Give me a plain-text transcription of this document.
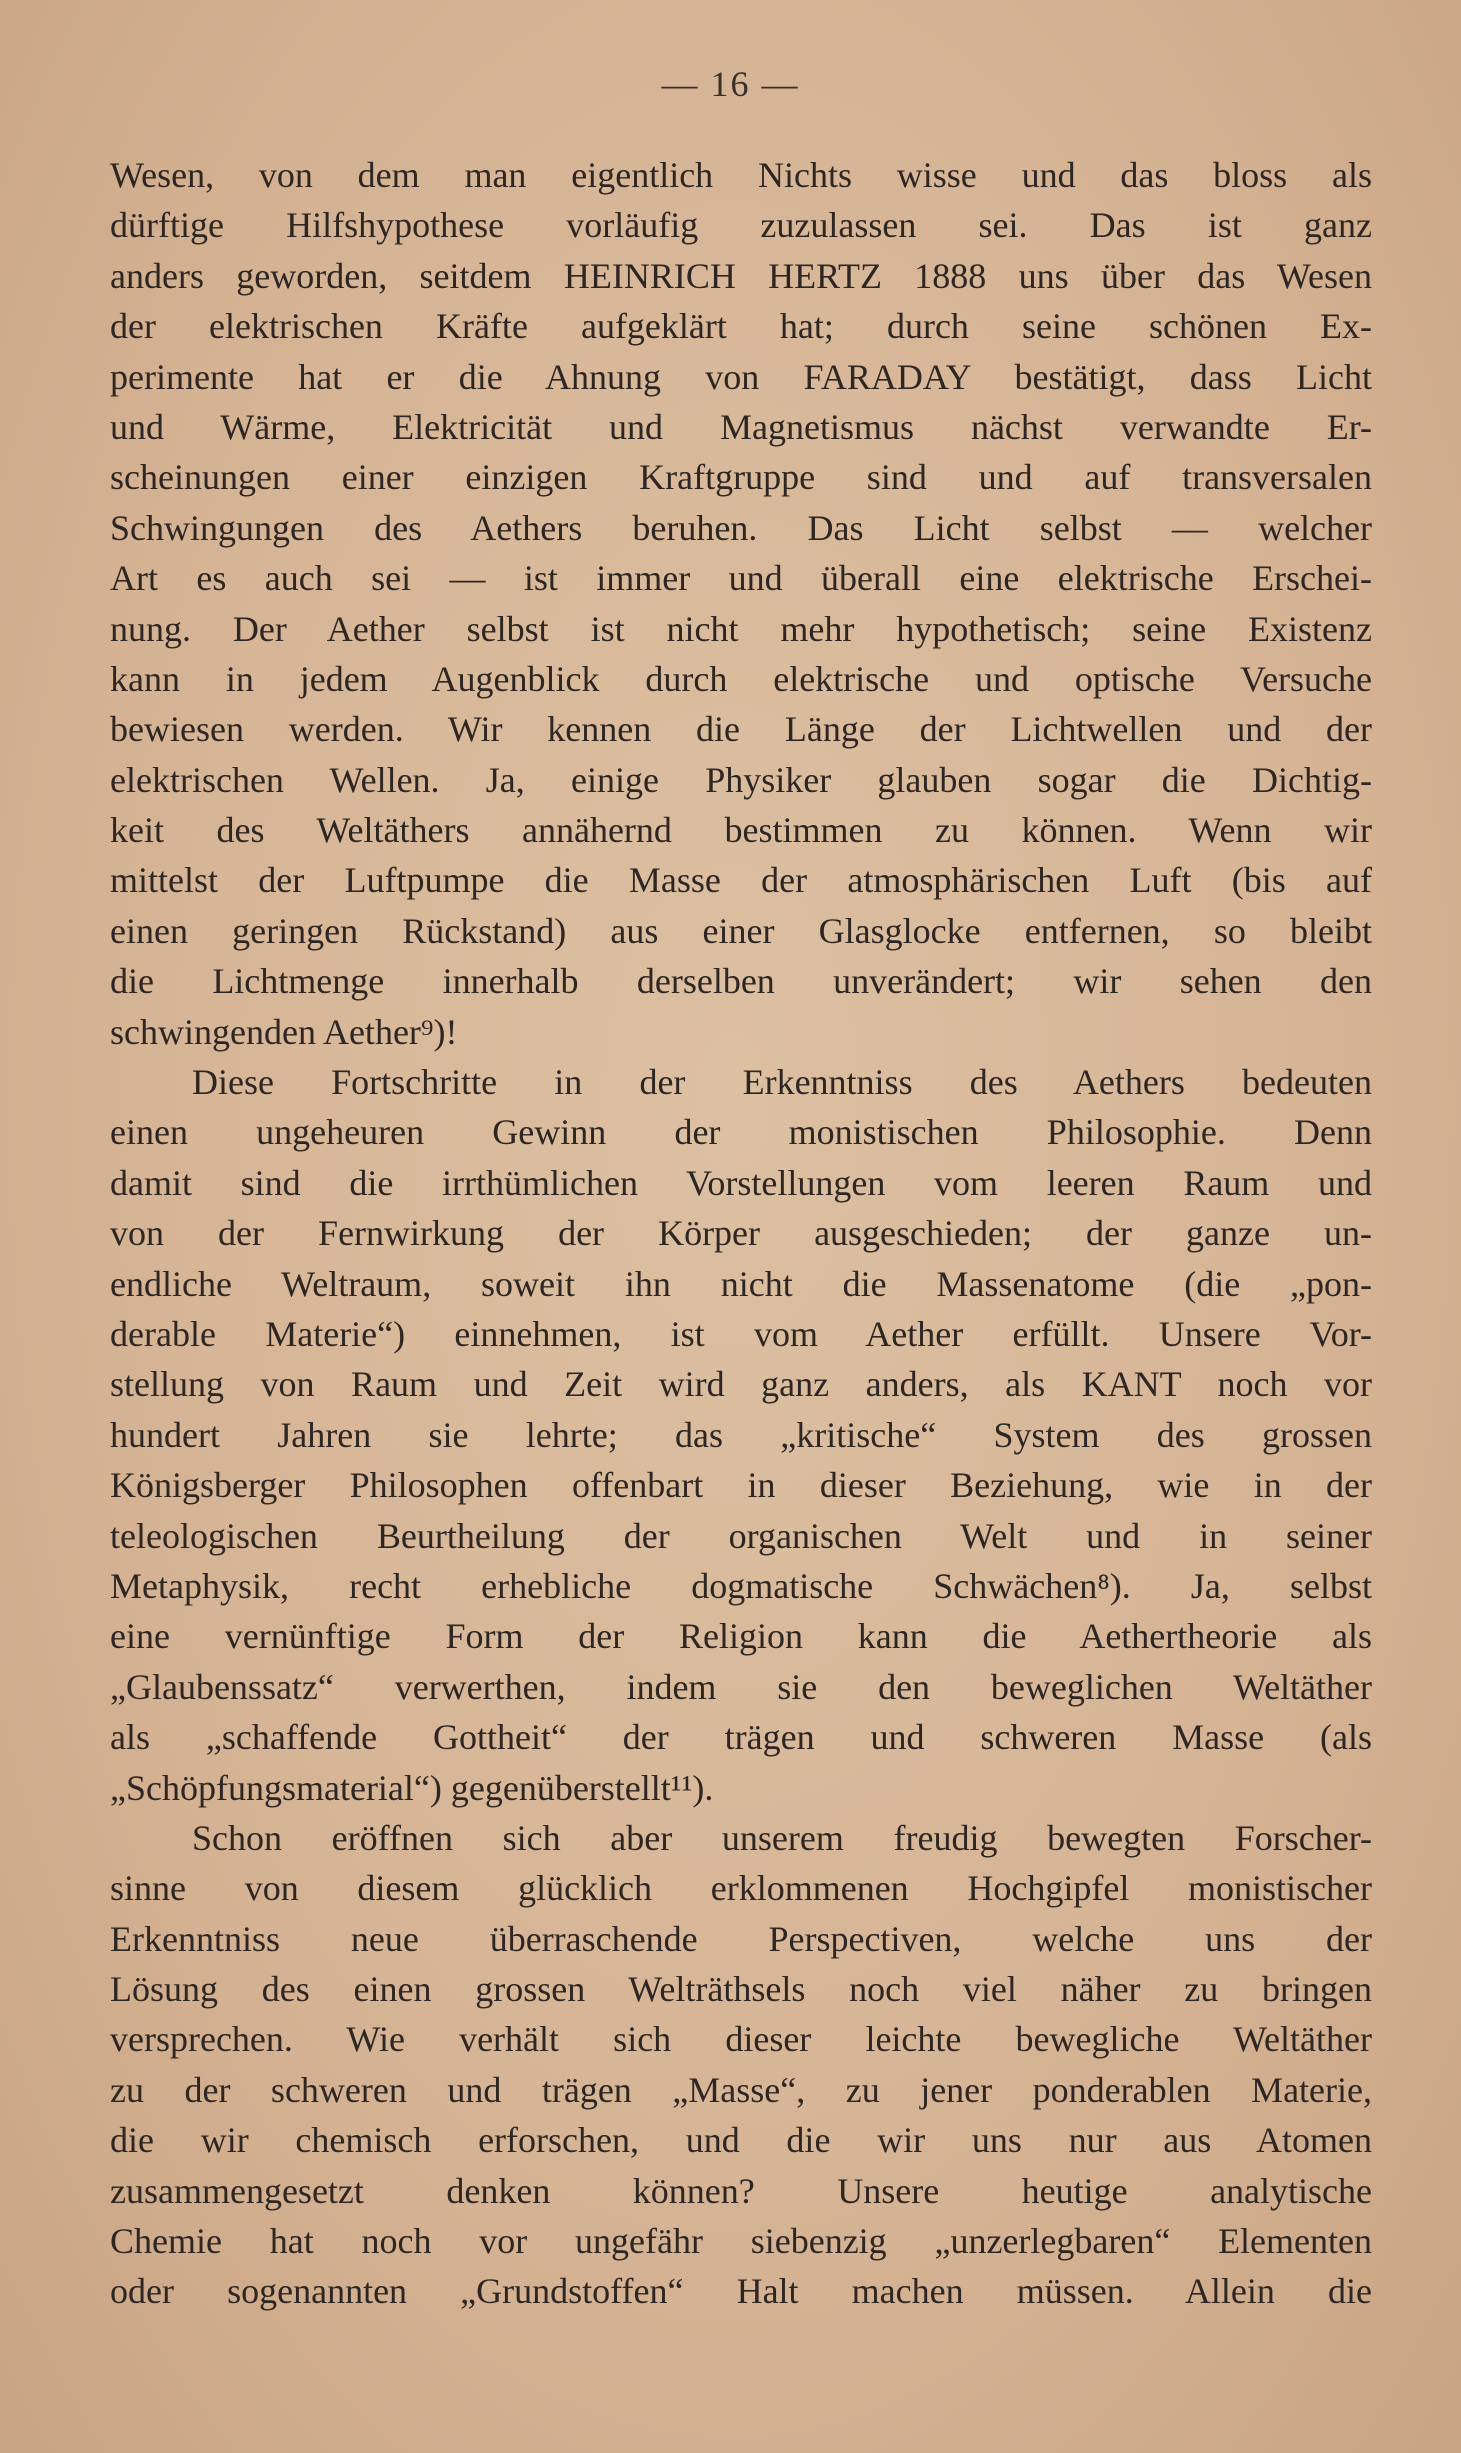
— 16 —
Wesen, von dem man eigentlich Nichts wisse und das bloss als
dürftige Hilfshypothese vorläufig zuzulassen sei. Das ist ganz
anders geworden, seitdem HEINRICH HERTZ 1888 uns über das Wesen
der elektrischen Kräfte aufgeklärt hat; durch seine schönen Ex-
perimente hat er die Ahnung von FARADAY bestätigt, dass Licht
und Wärme, Elektricität und Magnetismus nächst verwandte Er-
scheinungen einer einzigen Kraftgruppe sind und auf transversalen
Schwingungen des Aethers beruhen. Das Licht selbst — welcher
Art es auch sei — ist immer und überall eine elektrische Erschei-
nung. Der Aether selbst ist nicht mehr hypothetisch; seine Existenz
kann in jedem Augenblick durch elektrische und optische Versuche
bewiesen werden. Wir kennen die Länge der Lichtwellen und der
elektrischen Wellen. Ja, einige Physiker glauben sogar die Dichtig-
keit des Weltäthers annähernd bestimmen zu können. Wenn wir
mittelst der Luftpumpe die Masse der atmosphärischen Luft (bis auf
einen geringen Rückstand) aus einer Glasglocke entfernen, so bleibt
die Lichtmenge innerhalb derselben unverändert; wir sehen den
schwingenden Aether⁹)!
Diese Fortschritte in der Erkenntniss des Aethers bedeuten
einen ungeheuren Gewinn der monistischen Philosophie. Denn
damit sind die irrthümlichen Vorstellungen vom leeren Raum und
von der Fernwirkung der Körper ausgeschieden; der ganze un-
endliche Weltraum, soweit ihn nicht die Massenatome (die „pon-
derable Materie“) einnehmen, ist vom Aether erfüllt. Unsere Vor-
stellung von Raum und Zeit wird ganz anders, als KANT noch vor
hundert Jahren sie lehrte; das „kritische“ System des grossen
Königsberger Philosophen offenbart in dieser Beziehung, wie in der
teleologischen Beurtheilung der organischen Welt und in seiner
Metaphysik, recht erhebliche dogmatische Schwächen⁸). Ja, selbst
eine vernünftige Form der Religion kann die Aethertheorie als
„Glaubenssatz“ verwerthen, indem sie den beweglichen Weltäther
als „schaffende Gottheit“ der trägen und schweren Masse (als
„Schöpfungsmaterial“) gegenüberstellt¹¹).
Schon eröffnen sich aber unserem freudig bewegten Forscher-
sinne von diesem glücklich erklommenen Hochgipfel monistischer
Erkenntniss neue überraschende Perspectiven, welche uns der
Lösung des einen grossen Welträthsels noch viel näher zu bringen
versprechen. Wie verhält sich dieser leichte bewegliche Weltäther
zu der schweren und trägen „Masse“, zu jener ponderablen Materie,
die wir chemisch erforschen, und die wir uns nur aus Atomen
zusammengesetzt denken können? Unsere heutige analytische
Chemie hat noch vor ungefähr siebenzig „unzerlegbaren“ Elementen
oder sogenannten „Grundstoffen“ Halt machen müssen. Allein die
